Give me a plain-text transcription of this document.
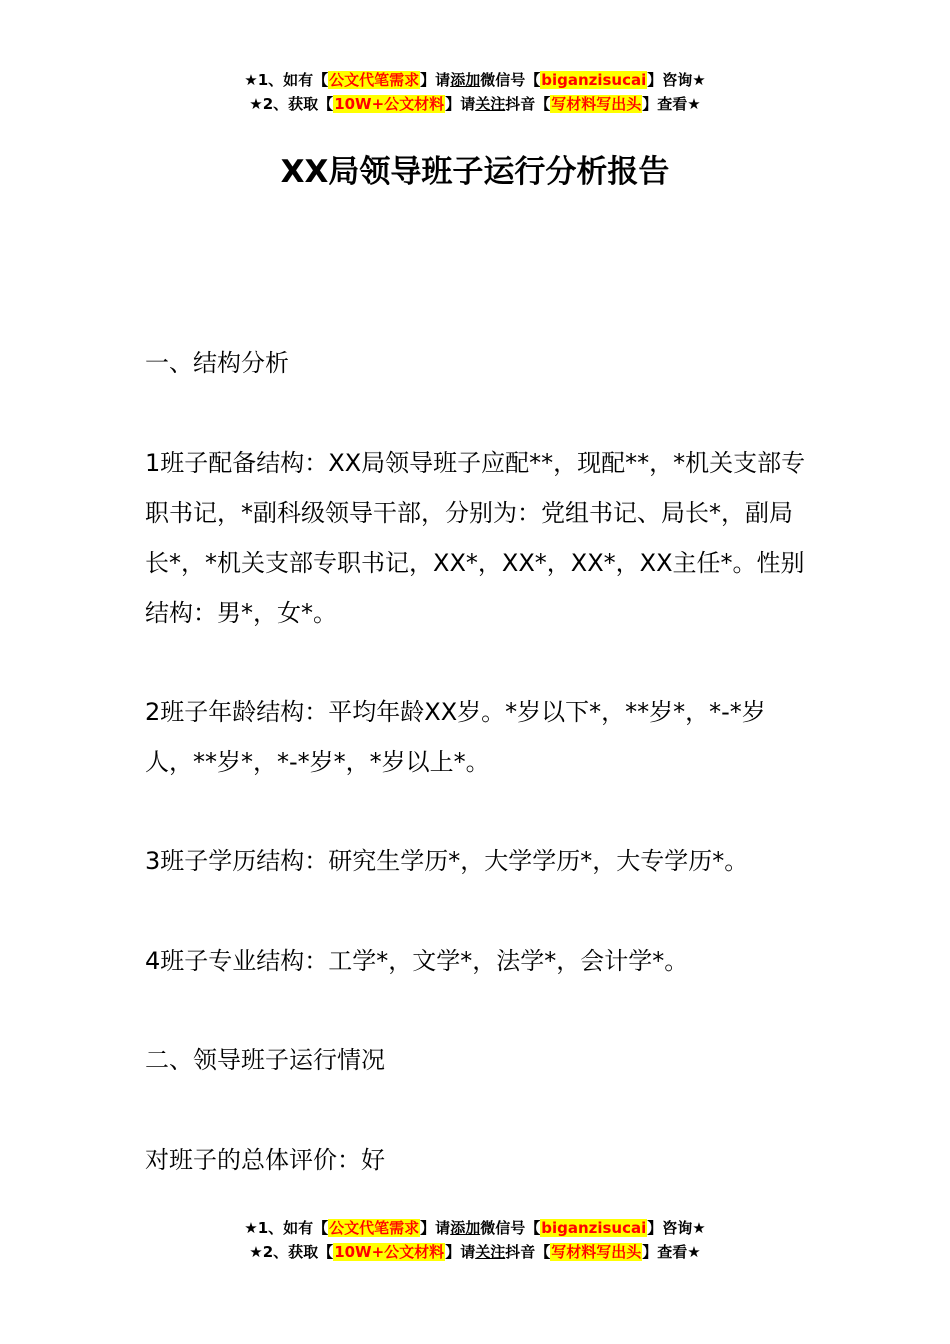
★1、如有【公文代笔需求】请添加微信号【biganzisucai】咨询★
★2、获取【10W+公文材料】请关注抖音【写材料写出头】查看★
XX局领导班子运行分析报告

一、结构分析

1班子配备结构：XX局领导班子应配**，现配**，*机关支部专职书记，*副科级领导干部，分别为：党组书记、局长*，副局长*，*机关支部专职书记，XX*，XX*，XX*，XX主任*。性别结构：男*，女*。

2班子年龄结构：平均年龄XX岁。*岁以下*，**岁*，*-*岁人，**岁*，*-*岁*，*岁以上*。

3班子学历结构：研究生学历*，大学学历*，大专学历*。

4班子专业结构：工学*，文学*，法学*，会计学*。

二、领导班子运行情况

对班子的总体评价：好

★1、如有【公文代笔需求】请添加微信号【biganzisucai】咨询★
★2、获取【10W+公文材料】请关注抖音【写材料写出头】查看★
